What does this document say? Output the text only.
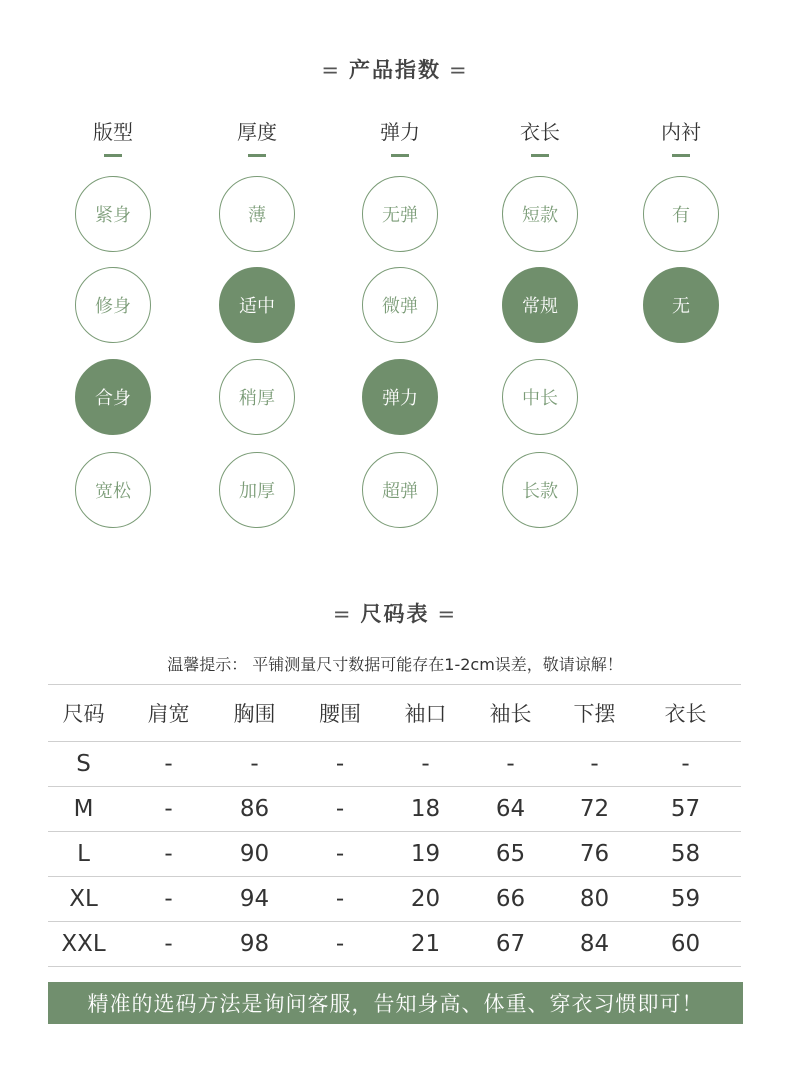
= 产品指数 =
版型
紧身
修身
合身
宽松
厚度
薄
适中
稍厚
加厚
弹力
无弹
微弹
弹力
超弹
衣长
短款
常规
中长
长款
内衬
有
无
= 尺码表 =
温馨提示： 平铺测量尺寸数据可能存在1-2cm误差，敬请谅解！
尺码	肩宽	胸围	腰围	袖口	袖长	下摆	衣长
S	-	-	-	-	-	-	-
M	-	86	-	18	64	72	57
L	-	90	-	19	65	76	58
XL	-	94	-	20	66	80	59
XXL	-	98	-	21	67	84	60
精准的选码方法是询问客服，告知身高、体重、穿衣习惯即可！
